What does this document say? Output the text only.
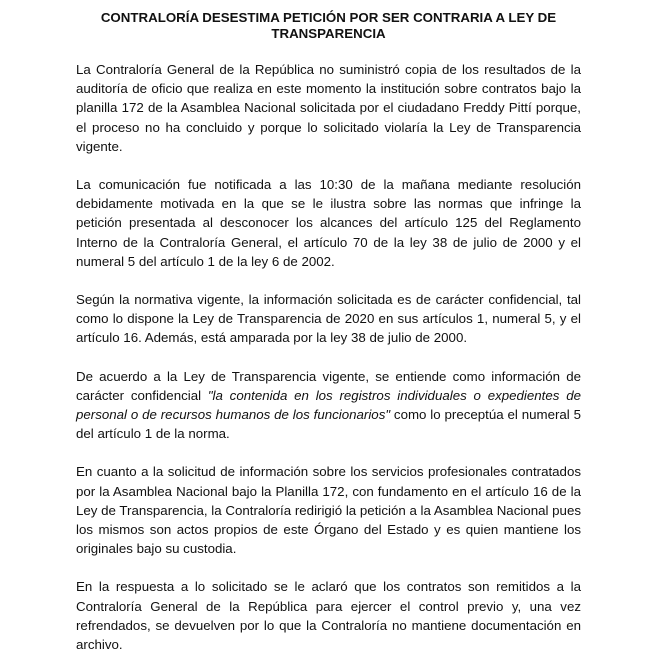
CONTRALORÍA DESESTIMA PETICIÓN POR SER CONTRARIA A LEY DE TRANSPARENCIA

La Contraloría General de la República no suministró copia de los resultados de la auditoría de oficio que realiza en este momento la institución sobre contratos bajo la planilla 172 de la Asamblea Nacional solicitada por el ciudadano Freddy Pittí porque, el proceso no ha concluido y porque lo solicitado violaría la Ley de Transparencia vigente.

La comunicación fue notificada a las 10:30 de la mañana mediante resolución debidamente motivada en la que se le ilustra sobre las normas que infringe la petición presentada al desconocer los alcances del artículo 125 del Reglamento Interno de la Contraloría General, el artículo 70 de la ley 38 de julio de 2000 y el numeral 5 del artículo 1 de la ley 6 de 2002.

Según la normativa vigente, la información solicitada es de carácter confidencial, tal como lo dispone la Ley de Transparencia de 2020 en sus artículos 1, numeral 5, y el artículo 16. Además, está amparada por la ley 38 de julio de 2000.

De acuerdo a la Ley de Transparencia vigente, se entiende como información de carácter confidencial "la contenida en los registros individuales o expedientes de personal o de recursos humanos de los funcionarios" como lo preceptúa el numeral 5 del artículo 1 de la norma.

En cuanto a la solicitud de información sobre los servicios profesionales contratados por la Asamblea Nacional bajo la Planilla 172, con fundamento en el artículo 16 de la Ley de Transparencia, la Contraloría redirigió la petición a la Asamblea Nacional pues los mismos son actos propios de este Órgano del Estado y es quien mantiene los originales bajo su custodia.

En la respuesta a lo solicitado se le aclaró que los contratos son remitidos a la Contraloría General de la República para ejercer el control previo y, una vez refrendados, se devuelven por lo que la Contraloría no mantiene documentación en archivo.
